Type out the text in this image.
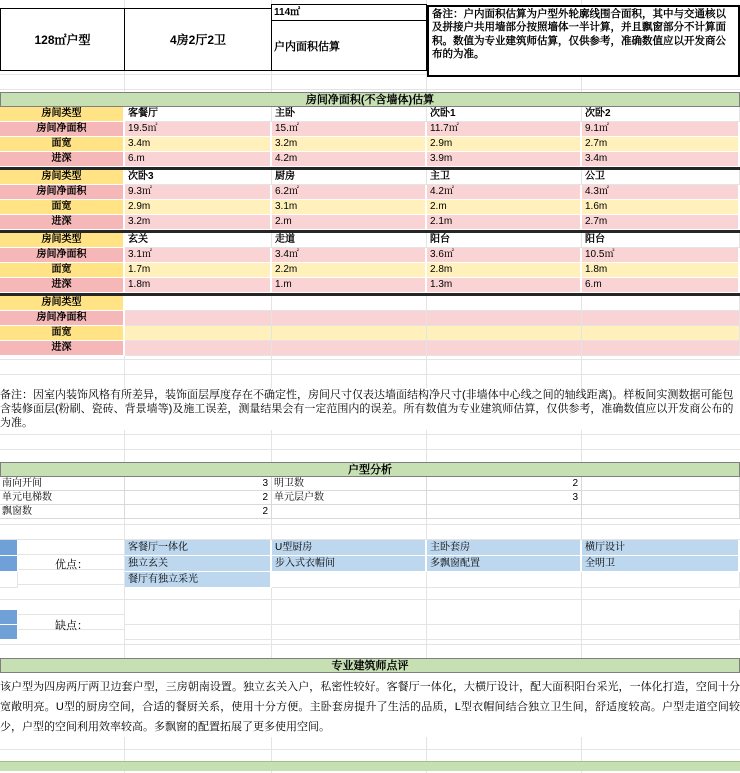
128㎡户型	4房2厅2卫
114㎡
户内面积估算
备注：户内面积估算为户型外轮廓线围合面积，其中与交通核以及拼接户共用墙部分按照墙体一半计算，并且飘窗部分不计算面积。数值为专业建筑师估算，仅供参考，准确数值应以开发商公布的为准。
房间净面积(不含墙体)估算
房间类型	客餐厅	主卧	次卧1	次卧2
房间净面积	19.5㎡	15.㎡	11.7㎡	9.1㎡
面宽	3.4m	3.2m	2.9m	2.7m
进深	6.m	4.2m	3.9m	3.4m
房间类型	次卧3	厨房	主卫	公卫
房间净面积	9.3㎡	6.2㎡	4.2㎡	4.3㎡
面宽	2.9m	3.1m	2.m	1.6m
进深	3.2m	2.m	2.1m	2.7m
房间类型	玄关	走道	阳台	阳台
房间净面积	3.1㎡	3.4㎡	3.6㎡	10.5㎡
面宽	1.7m	2.2m	2.8m	1.8m
进深	1.8m	1.m	1.3m	6.m
房间类型
房间净面积
面宽
进深
备注：因室内装饰风格有所差异，装饰面层厚度存在不确定性，房间尺寸仅表达墙面结构净尺寸(非墙体中心线之间的轴线距离)。样板间实测数据可能包含装修面层(粉刷、瓷砖、背景墙等)及施工误差，测量结果会有一定范围内的误差。所有数值为专业建筑师估算，仅供参考，准确数值应以开发商公布的为准。
户型分析
南向开间	3 明卫数	2
单元电梯数	2 单元层户数	3
飘窗数	2
优点：
客餐厅一体化	U型厨房	主卧套房	横厅设计
独立玄关	步入式衣帽间	多飘窗配置	全明卫
餐厅有独立采光
缺点：
专业建筑师点评
该户型为四房两厅两卫边套户型，三房朝南设置。独立玄关入户，私密性较好。客餐厅一体化，大横厅设计，配大面积阳台采光，一体化打造，空间十分宽敞明亮。U型的厨房空间，合适的餐厨关系，使用十分方便。主卧套房提升了生活的品质，L型衣帽间结合独立卫生间，舒适度较高。户型走道空间较少，户型的空间利用效率较高。多飘窗的配置拓展了更多使用空间。
